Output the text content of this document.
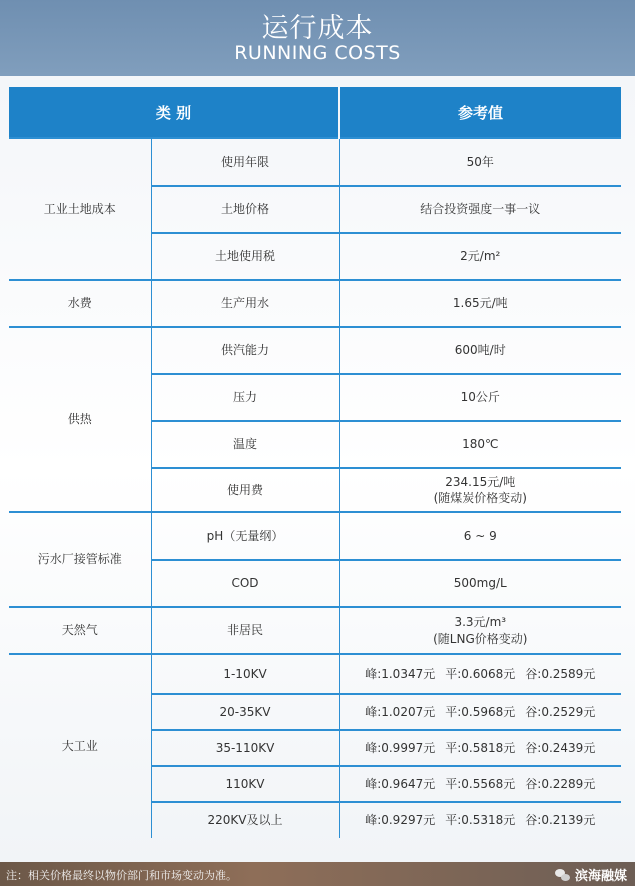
运行成本
RUNNING COSTS
类 别		参考值
工业土地成本	使用年限	50年
	土地价格	结合投资强度一事一议
	土地使用税	2元/m²
水费	生产用水	1.65元/吨
供热	供汽能力	600吨/时
	压力	10公斤
	温度	180℃
	使用费	234.15元/吨
(随煤炭价格变动)

污水厂接管标准	pH（无量纲）	6 ~ 9
	COD	500mg/L
天然气	非居民	3.3元/m³
(随LNG价格变动)

大工业	1-10KV	峰:1.0347元 平:0.6068元 谷:0.2589元
	20-35KV	峰:1.0207元 平:0.5968元 谷:0.2529元
	35-110KV	峰:0.9997元 平:0.5818元 谷:0.2439元
	110KV	峰:0.9647元 平:0.5568元 谷:0.2289元
	220KV及以上	峰:0.9297元 平:0.5318元 谷:0.2139元
注：相关价格最终以物价部门和市场变动为准。	滨海融媒
